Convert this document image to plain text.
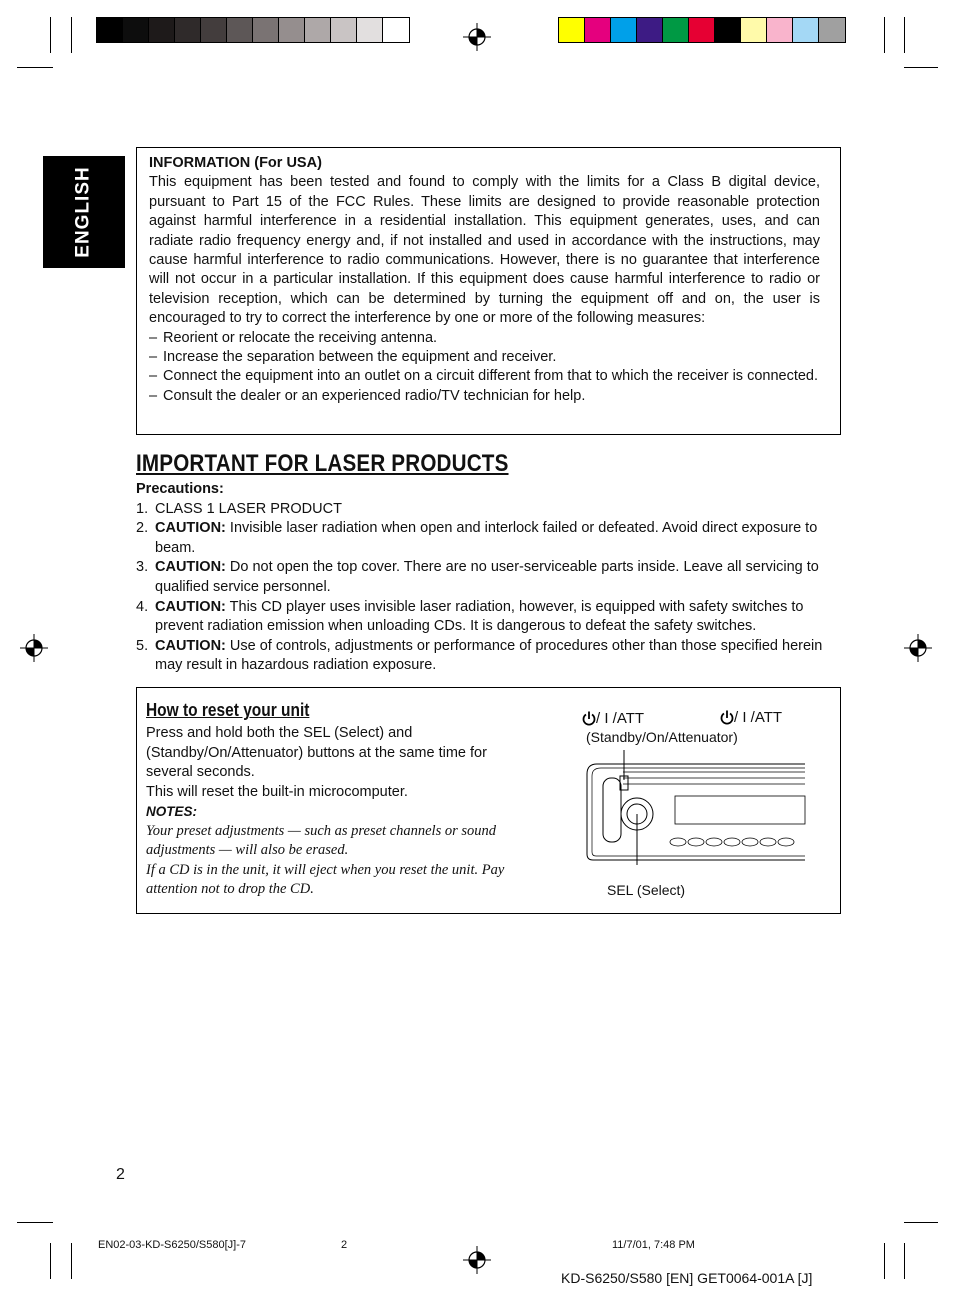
ENGLISH
INFORMATION (For USA)

This equipment has been tested and found to comply with the limits for a Class B digital device, pursuant to Part 15 of the FCC Rules. These limits are designed to provide reasonable protection against harmful interference in a residential installation. This equipment generates, uses, and can radiate radio frequency energy and, if not installed and used in accordance with the instructions, may cause harmful interference to radio communications. However, there is no guarantee that interference will not occur in a particular installation. If this equipment does cause harmful interference to radio or television reception, which can be determined by turning the equipment off and on, the user is encouraged to try to correct the interference by one or more of the following measures:

– Reorient or relocate the receiving antenna.
– Increase the separation between the equipment and receiver.
– Connect the equipment into an outlet on a circuit different from that to which the receiver is connected.
– Consult the dealer or an experienced radio/TV technician for help.
IMPORTANT FOR LASER PRODUCTS
Precautions:
1. CLASS 1 LASER PRODUCT
2. CAUTION: Invisible laser radiation when open and interlock failed or defeated. Avoid direct exposure to beam.
3. CAUTION: Do not open the top cover. There are no user-serviceable parts inside. Leave all servicing to qualified service personnel.
4. CAUTION: This CD player uses invisible laser radiation, however, is equipped with safety switches to prevent radiation emission when unloading CDs. It is dangerous to defeat the safety switches.
5. CAUTION: Use of controls, adjustments or performance of procedures other than those specified herein may result in hazardous radiation exposure.
How to reset your unit	/ I /ATT
Press and hold both the SEL (Select) and
(Standby/On/Attenuator) buttons at the same time for several seconds.
This will reset the built-in microcomputer.
NOTES:
Your preset adjustments — such as preset channels or sound adjustments — will also be erased.
If a CD is in the unit, it will eject when you reset the unit. Pay attention not to drop the CD.
/ I /ATT
(Standby/On/Attenuator)
SEL (Select)
2
EN02-03-KD-S6250/S580[J]-7	2	11/7/01, 7:48 PM
KD-S6250/S580 [EN] GET0064-001A [J]
